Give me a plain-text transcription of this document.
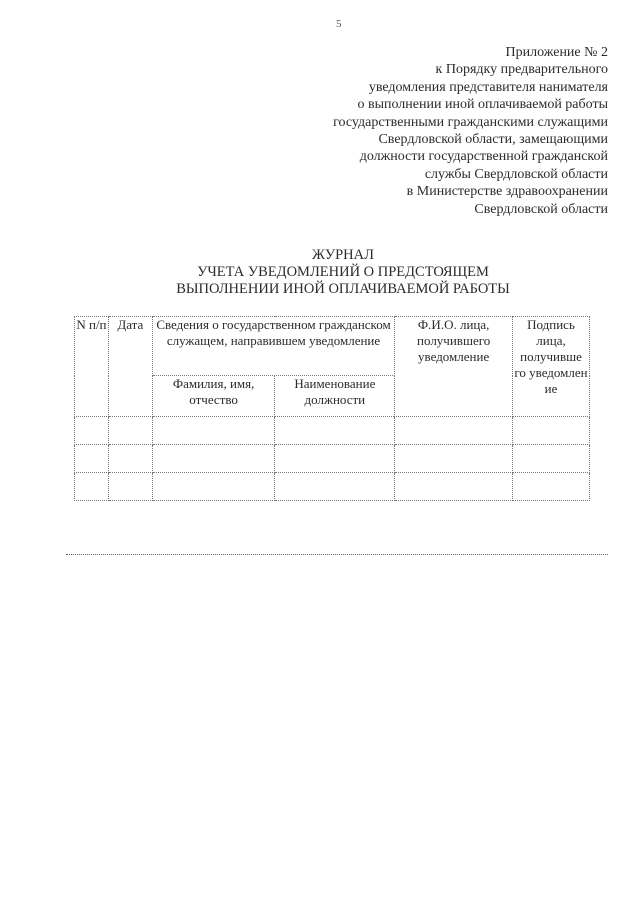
5
Приложение № 2
к Порядку предварительного
уведомления представителя нанимателя
о выполнении иной оплачиваемой работы
государственными гражданскими служащими
Свердловской области, замещающими
должности государственной гражданской
службы Свердловской области
в Министерстве здравоохранении
Свердловской области
ЖУРНАЛ
УЧЕТА УВЕДОМЛЕНИЙ О ПРЕДСТОЯЩЕМ
ВЫПОЛНЕНИИ ИНОЙ ОПЛАЧИВАЕМОЙ РАБОТЫ
N п/п	Дата	Сведения о государственном гражданском служащем, направившем уведомление		Ф.И.О. лица, получившего уведомление	Подпись лица, получивше го уведомлен ие
		Фамилия, имя, отчество	Наименование должности		
